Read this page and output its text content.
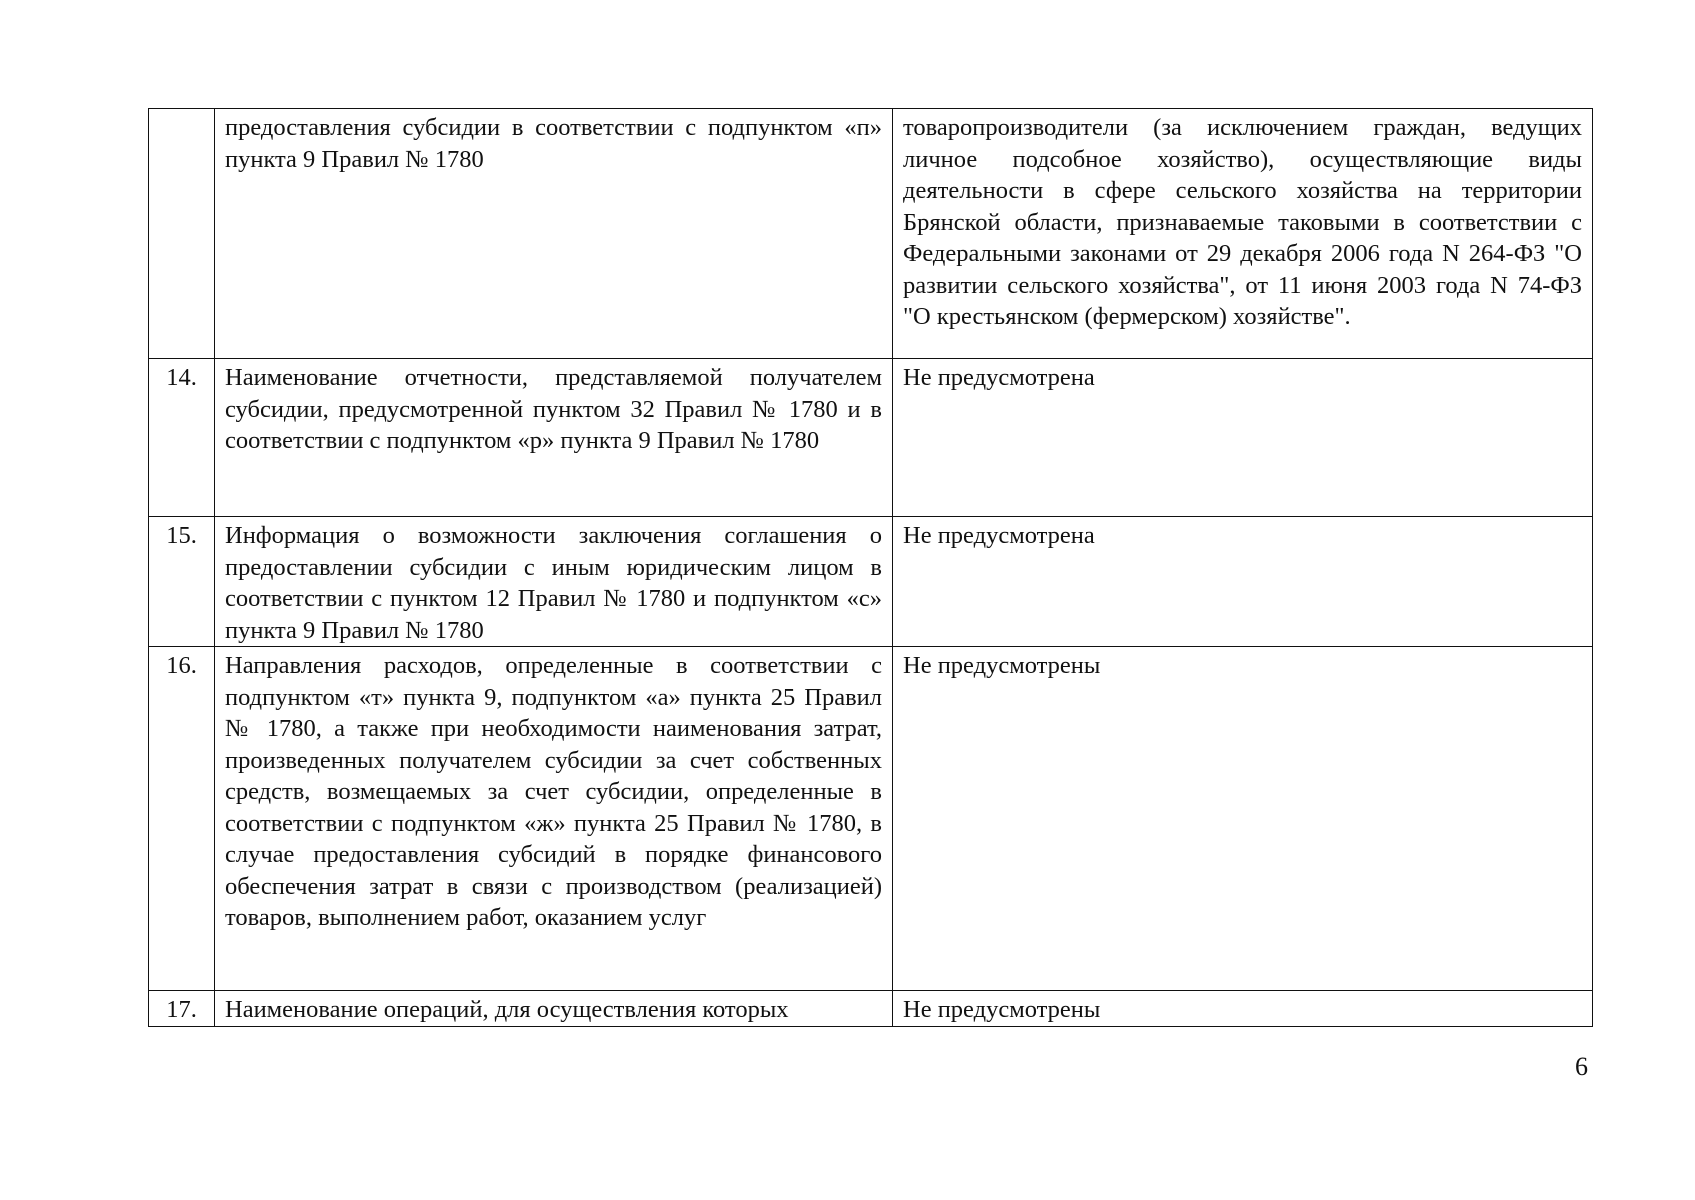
	предоставления субсидии в соответствии с подпунктом «п» пункта 9 Правил № 1780	товаропроизводители (за исключением граждан, ведущих личное подсобное хозяйство), осуществляющие виды деятельности в сфере сельского хозяйства на территории Брянской области, признаваемые таковыми в соответствии с Федеральными законами от 29 декабря 2006 года N 264-ФЗ "О развитии сельского хозяйства", от 11 июня 2003 года N 74-ФЗ "О крестьянском (фермерском) хозяйстве".
14.	Наименование отчетности, представляемой получателем субсидии, предусмотренной пунктом 32 Правил № 1780 и в соответствии с подпунктом «р» пункта 9 Правил № 1780	Не предусмотрена
15.	Информация о возможности заключения соглашения о предоставлении субсидии с иным юридическим лицом в соответствии с пунктом 12 Правил № 1780 и подпунктом «с» пункта 9 Правил № 1780	Не предусмотрена
16.	Направления расходов, определенные в соответствии с подпунктом «т» пункта 9, подпунктом «а» пункта 25 Правил № 1780, а также при необходимости наименования затрат, произведенных получателем субсидии за счет собственных средств, возмещаемых за счет субсидии, определенные в соответствии с подпунктом «ж» пункта 25 Правил № 1780, в случае предоставления субсидий в порядке финансового обеспечения затрат в связи с производством (реализацией) товаров, выполнением работ, оказанием услуг	Не предусмотрены
17.	Наименование операций, для осуществления которых	Не предусмотрены
6
